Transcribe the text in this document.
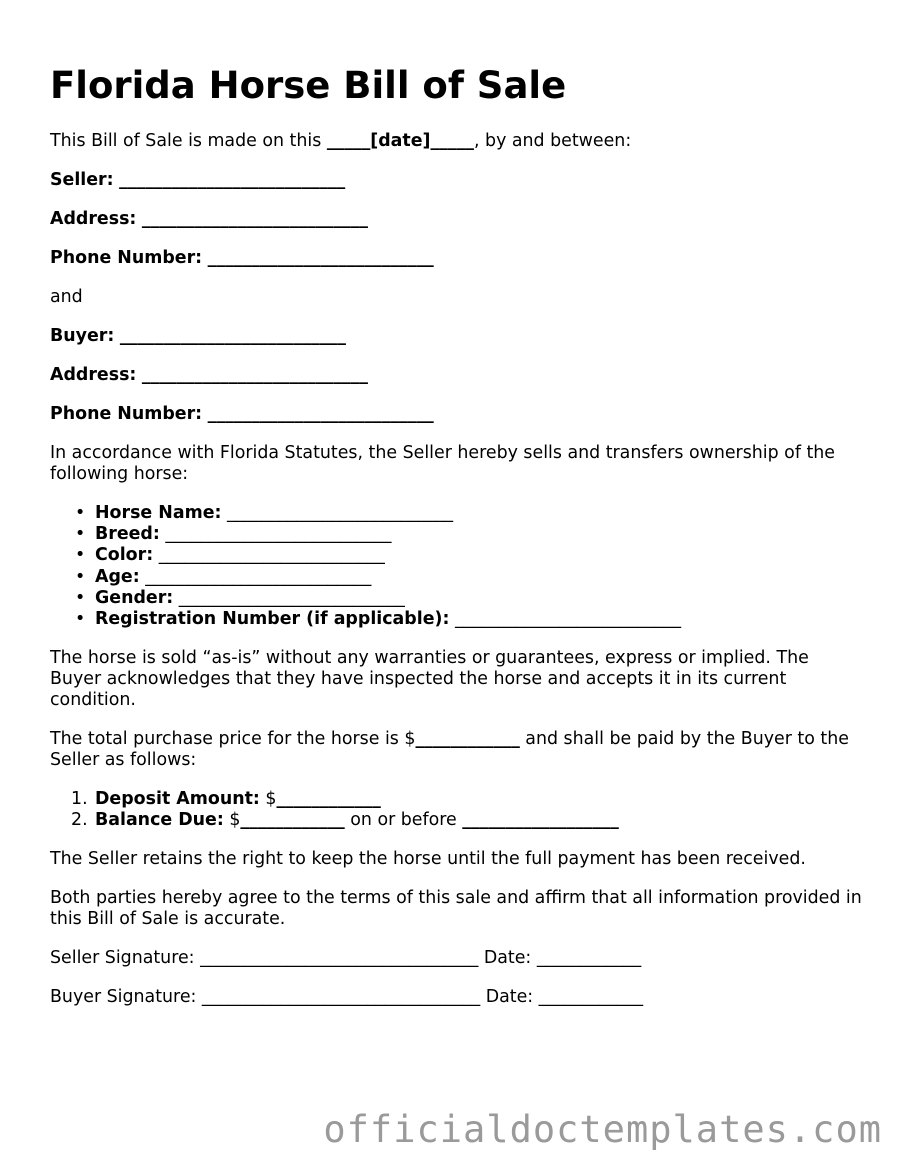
Florida Horse Bill of Sale

This Bill of Sale is made on this _____[date]_____, by and between:

Seller: __________________________

Address: __________________________

Phone Number: __________________________

and

Buyer: __________________________

Address: __________________________

Phone Number: __________________________

In accordance with Florida Statutes, the Seller hereby sells and transfers ownership of the following horse:

• Horse Name: __________________________
• Breed: __________________________
• Color: __________________________
• Age: __________________________
• Gender: __________________________
• Registration Number (if applicable): __________________________

The horse is sold “as-is” without any warranties or guarantees, express or implied. The Buyer acknowledges that they have inspected the horse and accepts it in its current condition.

The total purchase price for the horse is $____________ and shall be paid by the Buyer to the Seller as follows:

1. Deposit Amount: $____________
2. Balance Due: $____________ on or before __________________

The Seller retains the right to keep the horse until the full payment has been received.

Both parties hereby agree to the terms of this sale and affirm that all information provided in this Bill of Sale is accurate.

Seller Signature: ________________________________ Date: ____________

Buyer Signature: ________________________________ Date: ____________

officialdoctemplates.com
